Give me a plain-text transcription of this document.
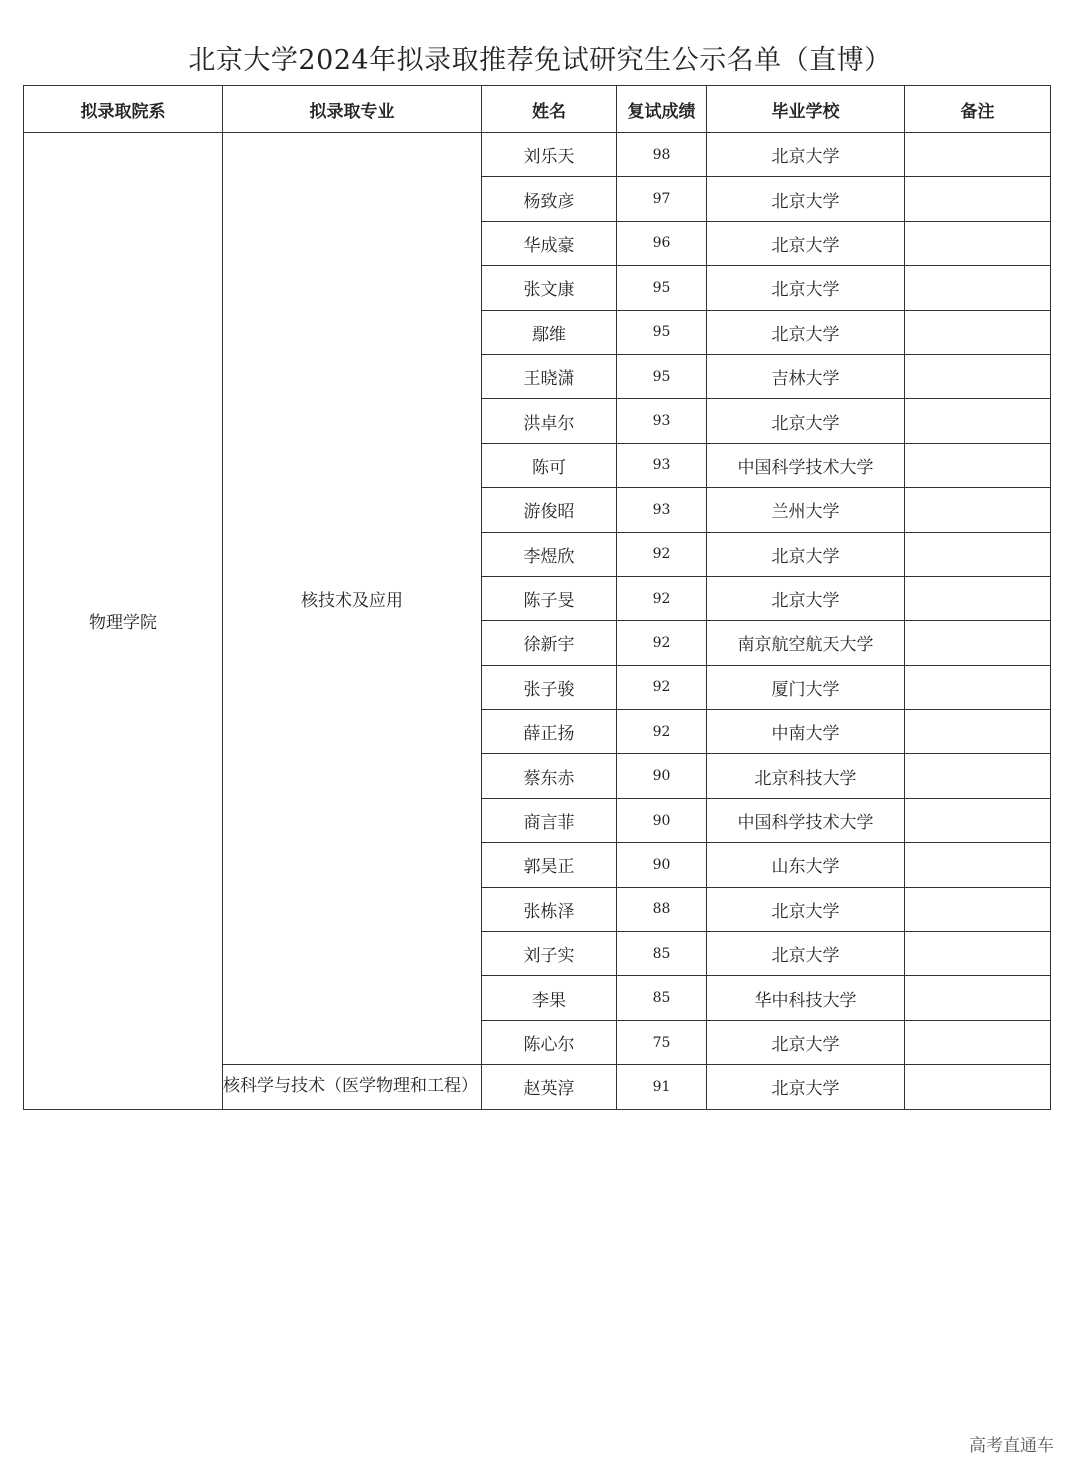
北京大学2024年拟录取推荐免试研究生公示名单（直博）
拟录取院系	拟录取专业	姓名	复试成绩	毕业学校	备注
物理学院	核技术及应用	刘乐天	98	北京大学	
		杨致彦	97	北京大学	
		华成豪	96	北京大学	
		张文康	95	北京大学	
		鄢维	95	北京大学	
		王晓潇	95	吉林大学	
		洪卓尔	93	北京大学	
		陈可	93	中国科学技术大学	
		游俊昭	93	兰州大学	
		李煜欣	92	北京大学	
		陈子旻	92	北京大学	
		徐新宇	92	南京航空航天大学	
		张子骏	92	厦门大学	
		薛正扬	92	中南大学	
		蔡东赤	90	北京科技大学	
		商言菲	90	中国科学技术大学	
		郭昊正	90	山东大学	
		张栋泽	88	北京大学	
		刘子实	85	北京大学	
		李果	85	华中科技大学	
		陈心尔	75	北京大学	
	核科学与技术（医学物理和工程）	赵英淳	91	北京大学	
高考直通车
